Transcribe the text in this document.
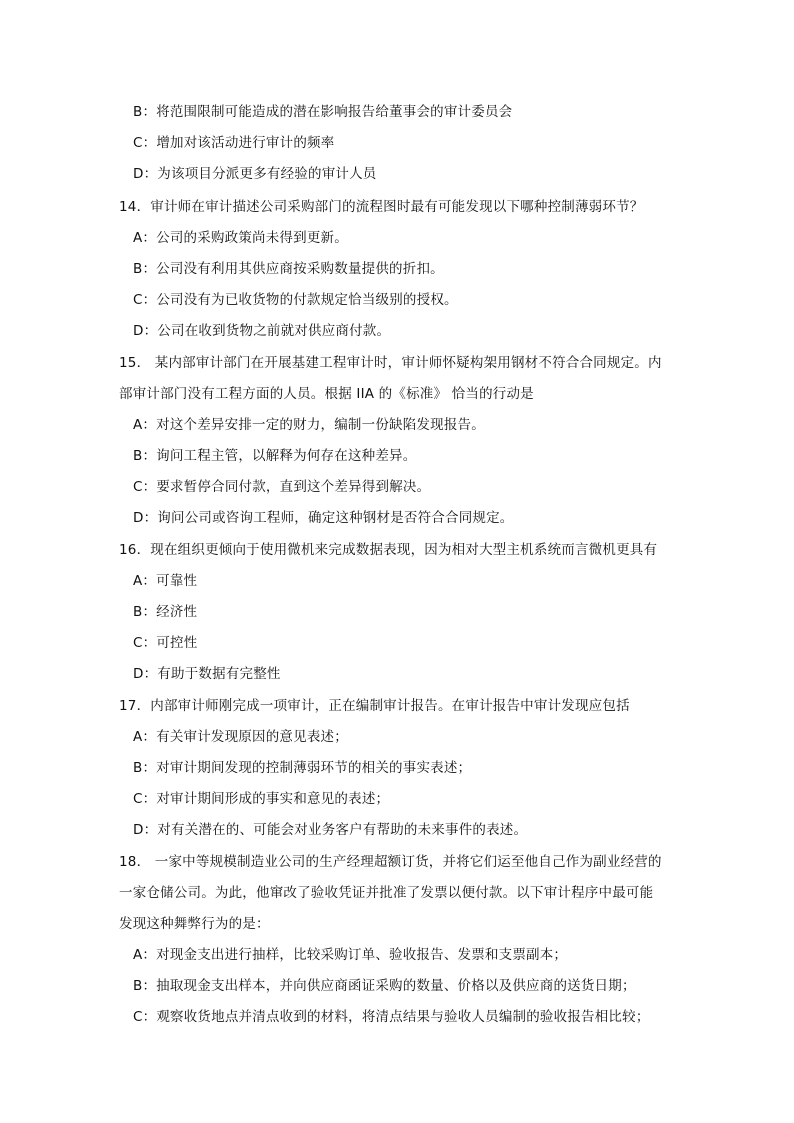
B：将范围限制可能造成的潜在影响报告给董事会的审计委员会
C：增加对该活动进行审计的频率
D：为该项目分派更多有经验的审计人员
14．审计师在审计描述公司采购部门的流程图时最有可能发现以下哪种控制薄弱环节？
A：公司的采购政策尚未得到更新。
B：公司没有利用其供应商按采购数量提供的折扣。
C：公司没有为已收货物的付款规定恰当级别的授权。
D：公司在收到货物之前就对供应商付款。
15． 某内部审计部门在开展基建工程审计时，审计师怀疑构架用钢材不符合合同规定。内
部审计部门没有工程方面的人员。根据 IIA 的《标准》 恰当的行动是
A：对这个差异安排一定的财力，编制一份缺陷发现报告。
B：询问工程主管，以解释为何存在这种差异。
C：要求暂停合同付款，直到这个差异得到解决。
D：询问公司或咨询工程师，确定这种钢材是否符合合同规定。
16．现在组织更倾向于使用微机来完成数据表现，因为相对大型主机系统而言微机更具有
A：可靠性
B：经济性
C：可控性
D：有助于数据有完整性
17．内部审计师刚完成一项审计，正在编制审计报告。在审计报告中审计发现应包括
A：有关审计发现原因的意见表述；
B：对审计期间发现的控制薄弱环节的相关的事实表述；
C：对审计期间形成的事实和意见的表述；
D：对有关潜在的、可能会对业务客户有帮助的未来事件的表述。
18． 一家中等规模制造业公司的生产经理超额订货，并将它们运至他自己作为副业经营的
一家仓储公司。为此，他窜改了验收凭证并批准了发票以便付款。以下审计程序中最可能
发现这种舞弊行为的是：
A：对现金支出进行抽样，比较采购订单、验收报告、发票和支票副本；
B：抽取现金支出样本，并向供应商函证采购的数量、价格以及供应商的送货日期；
C：观察收货地点并清点收到的材料，将清点结果与验收人员编制的验收报告相比较；
